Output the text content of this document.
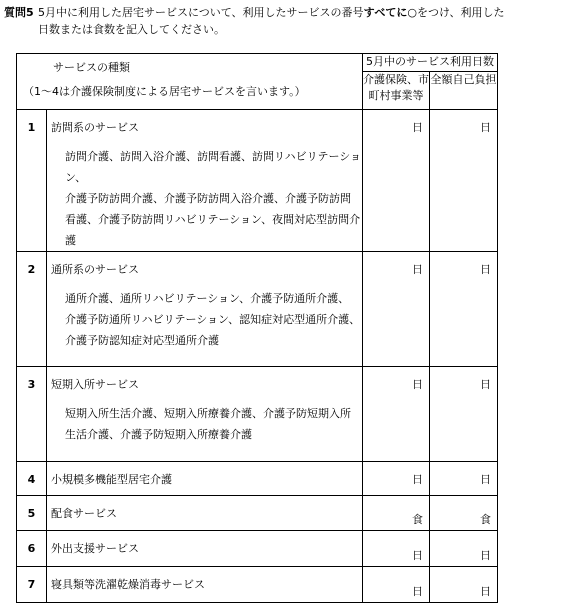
質問5 5月中に利用した居宅サービスについて、利用したサービスの番号すべてに○をつけ、利用した
日数または食数を記入してください。
サービスの種類
（1～4は介護保険制度による居宅サービスを言います。）		5月中のサービス利用日数	
		介護保険、市町村事業等	全額自己負担
1	訪問系のサービス
訪問介護、訪問入浴介護、訪問看護、訪問リハビリテーション、
介護予防訪問介護、介護予防訪問入浴介護、介護予防訪問
看護、介護予防訪問リハビリテーション、夜間対応型訪問介護	日	日
2	通所系のサービス
通所介護、通所リハビリテーション、介護予防通所介護、
介護予防通所リハビリテーション、認知症対応型通所介護、
介護予防認知症対応型通所介護	日	日
3	短期入所サービス
短期入所生活介護、短期入所療養介護、介護予防短期入所
生活介護、介護予防短期入所療養介護	日	日
4	小規模多機能型居宅介護	日	日
5	配食サービス	食	食
6	外出支援サービス	日	日
7	寝具類等洗濯乾燥消毒サービス	日	日
